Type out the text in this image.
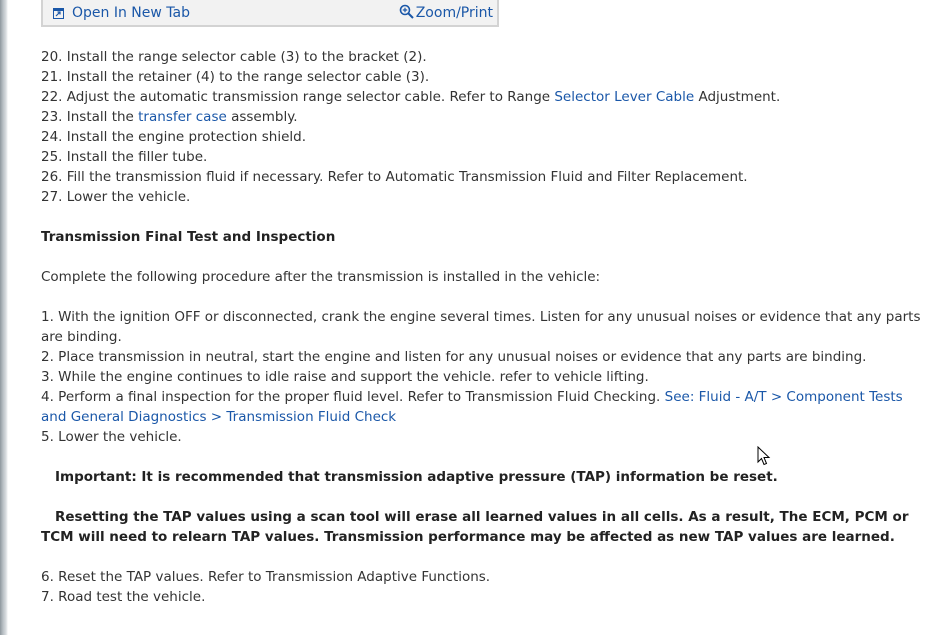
Open In New Tab	Zoom/Print

20. Install the range selector cable (3) to the bracket (2).

21. Install the retainer (4) to the range selector cable (3).

22. Adjust the automatic transmission range selector cable. Refer to Range Selector Lever Cable Adjustment.

23. Install the transfer case assembly.

24. Install the engine protection shield.

25. Install the filler tube.

26. Fill the transmission fluid if necessary. Refer to Automatic Transmission Fluid and Filter Replacement.

27. Lower the vehicle.

Transmission Final Test and Inspection

Complete the following procedure after the transmission is installed in the vehicle:

1. With the ignition OFF or disconnected, crank the engine several times. Listen for any unusual noises or evidence that any parts are binding.

2. Place transmission in neutral, start the engine and listen for any unusual noises or evidence that any parts are binding.

3. While the engine continues to idle raise and support the vehicle. refer to vehicle lifting.

4. Perform a final inspection for the proper fluid level. Refer to Transmission Fluid Checking. See: Fluid - A/T > Component Tests and General Diagnostics > Transmission Fluid Check

5. Lower the vehicle.

Important: It is recommended that transmission adaptive pressure (TAP) information be reset.

Resetting the TAP values using a scan tool will erase all learned values in all cells. As a result, The ECM, PCM or TCM will need to relearn TAP values. Transmission performance may be affected as new TAP values are learned.

6. Reset the TAP values. Refer to Transmission Adaptive Functions.

7. Road test the vehicle.
